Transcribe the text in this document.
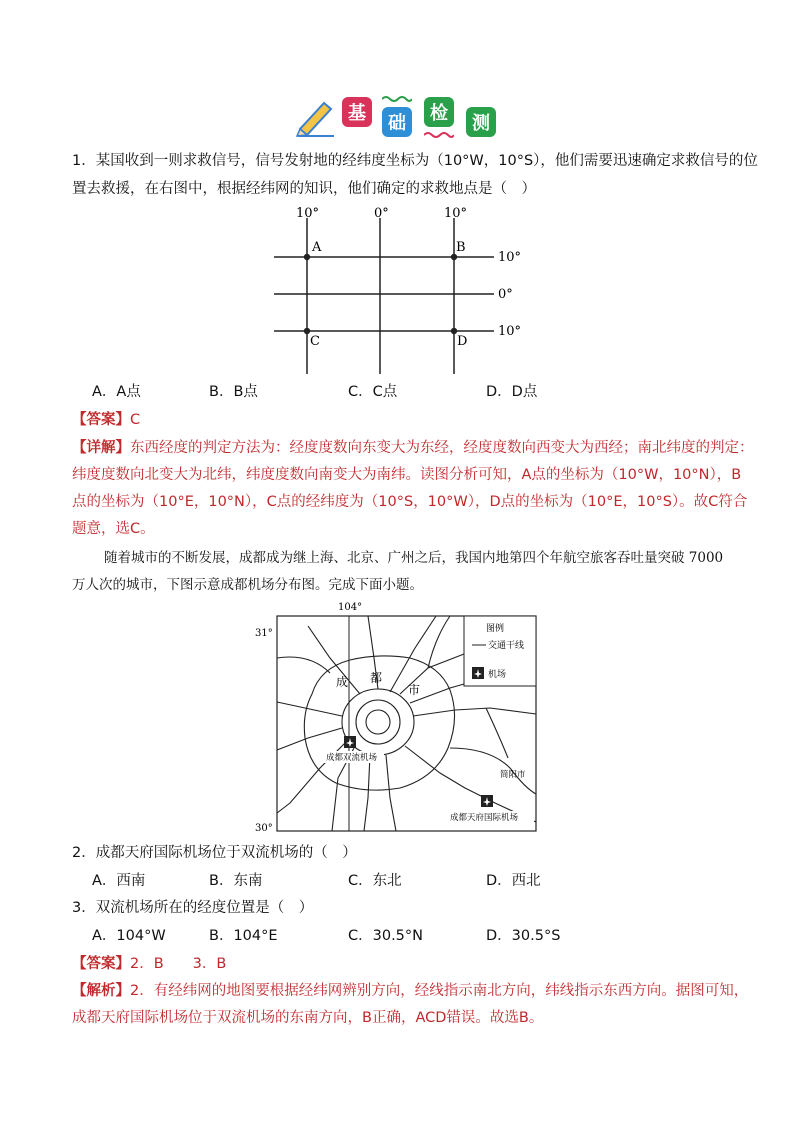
基	础	检	测
1．某国收到一则求救信号，信号发射地的经纬度坐标为（10°W，10°S），他们需要迅速确定求救信号的位
置去救援，在右图中，根据经纬网的知识，他们确定的求救地点是（　）
10°	0°	10°
10°
0°
10°
A	B
C	D
A．A点	B．B点	C．C点	D．D点
【答案】C
【详解】东西经度的判定方法为：经度度数向东变大为东经，经度度数向西变大为西经；南北纬度的判定：
纬度度数向北变大为北纬，纬度度数向南变大为南纬。读图分析可知，A点的坐标为（10°W，10°N），B
点的坐标为（10°E，10°N），C点的经纬度为（10°S，10°W），D点的坐标为（10°E，10°S）。故C符合
题意，选C。
随着城市的不断发展，成都成为继上海、北京、广州之后，我国内地第四个年航空旅客吞吐量突破 7000
万人次的城市，下图示意成都机场分布图。完成下面小题。
104°
31°
30°
图例
交通干线
机场
成 都
市
成都双流机场
简阳市
成都天府国际机场
2．成都天府国际机场位于双流机场的（　）
A．西南	B．东南	C．东北	D．西北
3．双流机场所在的经度位置是（　）
A．104°W	B．104°E	C．30.5°N	D．30.5°S
【答案】2．B　　3．B
【解析】2．有经纬网的地图要根据经纬网辨别方向，经线指示南北方向，纬线指示东西方向。据图可知，
成都天府国际机场位于双流机场的东南方向，B正确，ACD错误。故选B。
